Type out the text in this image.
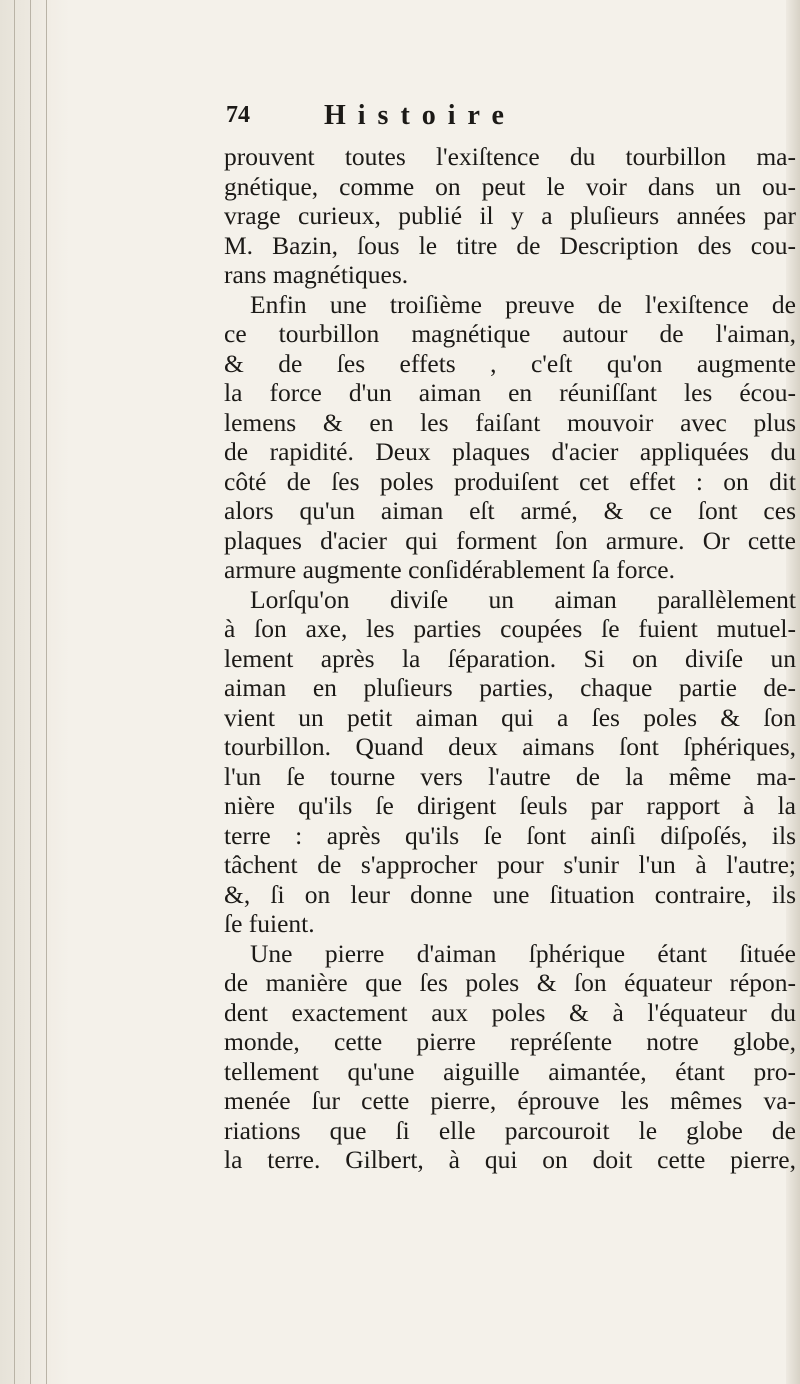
74	Histoire
prouvent toutes l'exiſtence du tourbillon ma-
gnétique, comme on peut le voir dans un ou-
vrage curieux, publié il y a pluſieurs années par
M. Bazin, ſous le titre de Description des cou-
rans magnétiques.
Enfin une troiſième preuve de l'exiſtence de
ce tourbillon magnétique autour de l'aiman,
& de ſes effets , c'eſt qu'on augmente
la force d'un aiman en réuniſſant les écou-
lemens & en les faiſant mouvoir avec plus
de rapidité. Deux plaques d'acier appliquées du
côté de ſes poles produiſent cet effet : on dit
alors qu'un aiman eſt armé, & ce ſont ces
plaques d'acier qui forment ſon armure. Or cette
armure augmente conſidérablement ſa force.
Lorſqu'on diviſe un aiman parallèlement
à ſon axe, les parties coupées ſe fuient mutuel-
lement après la ſéparation. Si on diviſe un
aiman en pluſieurs parties, chaque partie de-
vient un petit aiman qui a ſes poles & ſon
tourbillon. Quand deux aimans ſont ſphériques,
l'un ſe tourne vers l'autre de la même ma-
nière qu'ils ſe dirigent ſeuls par rapport à la
terre : après qu'ils ſe ſont ainſi diſpoſés, ils
tâchent de s'approcher pour s'unir l'un à l'autre;
&, ſi on leur donne une ſituation contraire, ils
ſe fuient.
Une pierre d'aiman ſphérique étant ſituée
de manière que ſes poles & ſon équateur répon-
dent exactement aux poles & à l'équateur du
monde, cette pierre repréſente notre globe,
tellement qu'une aiguille aimantée, étant pro-
menée ſur cette pierre, éprouve les mêmes va-
riations que ſi elle parcouroit le globe de
la terre. Gilbert, à qui on doit cette pierre,
